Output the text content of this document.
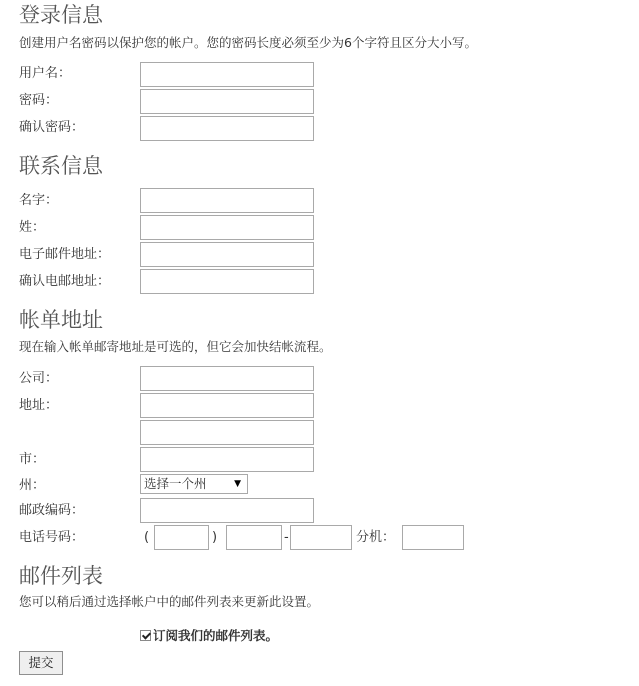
登录信息
创建用户名密码以保护您的帐户。您的密码长度必须至少为6个字符且区分大小写。
用户名：
密码：
确认密码：
联系信息
名字：
姓：
电子邮件地址：
确认电邮地址：
帐单地址
现在输入帐单邮寄地址是可选的，但它会加快结帐流程。
公司：
地址：
市：
州：	选择一个州	▼
邮政编码：
电话号码：	(	)	-	分机：
邮件列表
您可以稍后通过选择帐户中的邮件列表来更新此设置。
订阅我们的邮件列表。
提交
